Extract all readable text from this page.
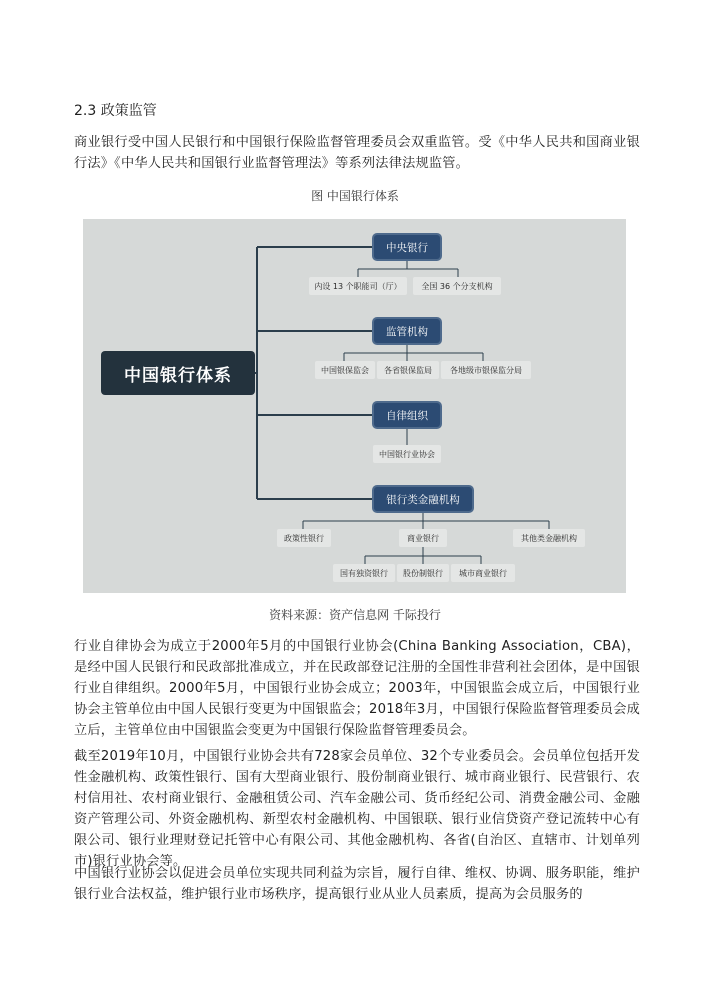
2.3 政策监管
商业银行受中国人民银行和中国银行保险监督管理委员会双重监管。受《中华人民共和国商业银行法》《中华人民共和国银行业监督管理法》等系列法律法规监管。
图 中国银行体系
中国银行体系
中央银行
内设 13 个职能司（厅）	全国 36 个分支机构
监管机构
中国银保监会	各省银保监局	各地级市银保监分局
自律组织
中国银行业协会
银行类金融机构
政策性银行	商业银行	其他类金融机构
国有独资银行	股份制银行	城市商业银行
资料来源：资产信息网 千际投行
行业自律协会为成立于2000年5月的中国银行业协会(China Banking Association，CBA)，是经中国人民银行和民政部批准成立，并在民政部登记注册的全国性非营利社会团体，是中国银行业自律组织。2000年5月，中国银行业协会成立；2003年，中国银监会成立后，中国银行业协会主管单位由中国人民银行变更为中国银监会；2018年3月，中国银行保险监督管理委员会成立后，主管单位由中国银监会变更为中国银行保险监督管理委员会。
截至2019年10月，中国银行业协会共有728家会员单位、32个专业委员会。会员单位包括开发性金融机构、政策性银行、国有大型商业银行、股份制商业银行、城市商业银行、民营银行、农村信用社、农村商业银行、金融租赁公司、汽车金融公司、货币经纪公司、消费金融公司、金融资产管理公司、外资金融机构、新型农村金融机构、中国银联、银行业信贷资产登记流转中心有限公司、银行业理财登记托管中心有限公司、其他金融机构、各省(自治区、直辖市、计划单列市)银行业协会等。
中国银行业协会以促进会员单位实现共同利益为宗旨，履行自律、维权、协调、服务职能，维护银行业合法权益，维护银行业市场秩序，提高银行业从业人员素质，提高为会员服务的
